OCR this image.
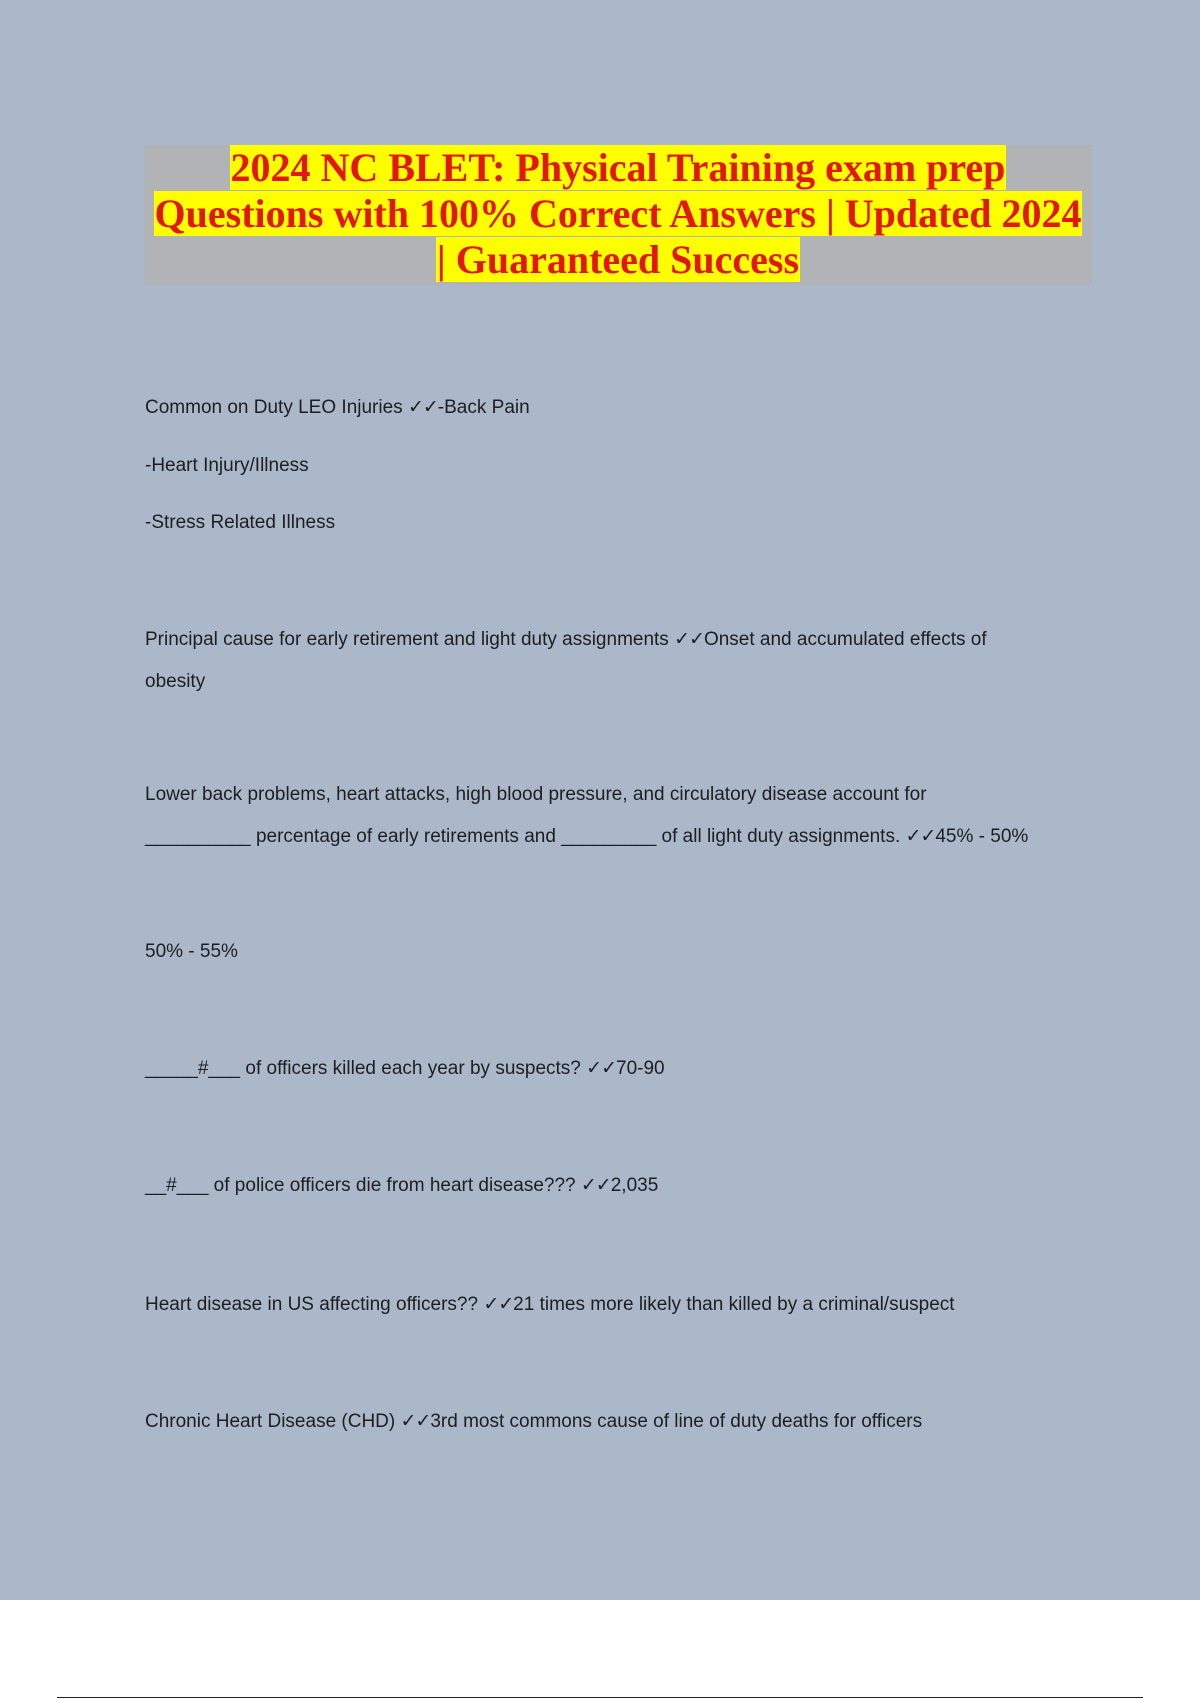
2024 NC BLET: Physical Training exam prep
Questions with 100% Correct Answers | Updated 2024
| Guaranteed Success

Common on Duty LEO Injuries ✓✓-Back Pain

-Heart Injury/Illness

-Stress Related Illness

Principal cause for early retirement and light duty assignments ✓✓Onset and accumulated effects of

obesity

Lower back problems, heart attacks, high blood pressure, and circulatory disease account for

__________ percentage of early retirements and _________ of all light duty assignments. ✓✓45% - 50%

50% - 55%

_____#___ of officers killed each year by suspects? ✓✓70-90

__#___ of police officers die from heart disease??? ✓✓2,035

Heart disease in US affecting officers?? ✓✓21 times more likely than killed by a criminal/suspect

Chronic Heart Disease (CHD) ✓✓3rd most commons cause of line of duty deaths for officers
